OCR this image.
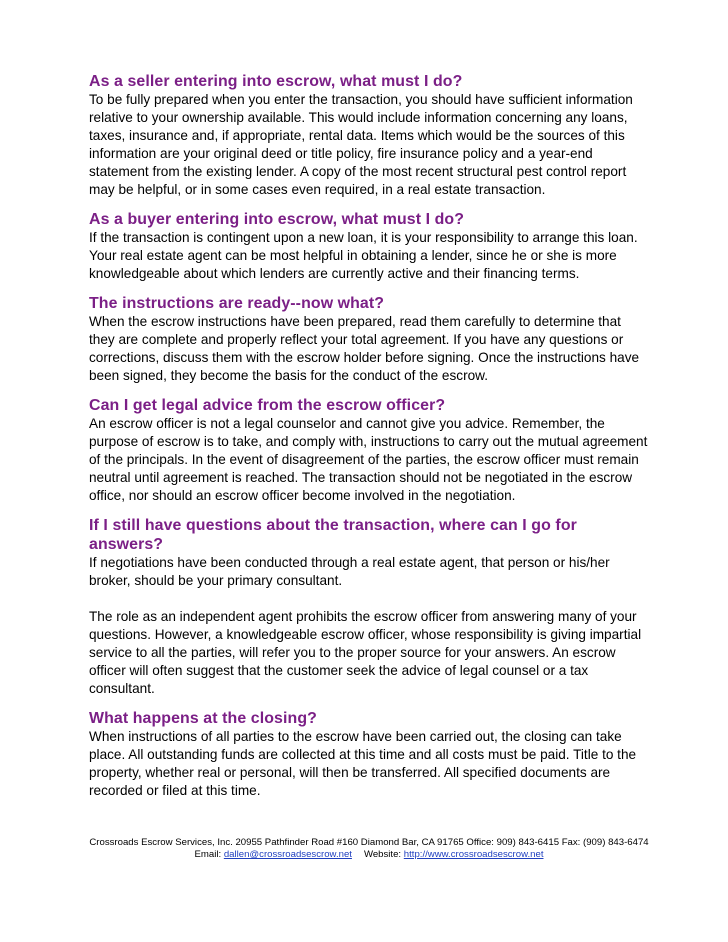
As a seller entering into escrow, what must I do?

To be fully prepared when you enter the transaction, you should have sufficient information relative to your ownership available. This would include information concerning any loans, taxes, insurance and, if appropriate, rental data. Items which would be the sources of this information are your original deed or title policy, fire insurance policy and a year-end statement from the existing lender. A copy of the most recent structural pest control report may be helpful, or in some cases even required, in a real estate transaction.

As a buyer entering into escrow, what must I do?

If the transaction is contingent upon a new loan, it is your responsibility to arrange this loan. Your real estate agent can be most helpful in obtaining a lender, since he or she is more knowledgeable about which lenders are currently active and their financing terms.

The instructions are ready--now what?

When the escrow instructions have been prepared, read them carefully to determine that they are complete and properly reflect your total agreement. If you have any questions or corrections, discuss them with the escrow holder before signing. Once the instructions have been signed, they become the basis for the conduct of the escrow.

Can I get legal advice from the escrow officer?

An escrow officer is not a legal counselor and cannot give you advice. Remember, the purpose of escrow is to take, and comply with, instructions to carry out the mutual agreement of the principals. In the event of disagreement of the parties, the escrow officer must remain neutral until agreement is reached. The transaction should not be negotiated in the escrow office, nor should an escrow officer become involved in the negotiation.

If I still have questions about the transaction, where can I go for answers?

If negotiations have been conducted through a real estate agent, that person or his/her broker, should be your primary consultant.

The role as an independent agent prohibits the escrow officer from answering many of your questions. However, a knowledgeable escrow officer, whose responsibility is giving impartial service to all the parties, will refer you to the proper source for your answers. An escrow officer will often suggest that the customer seek the advice of legal counsel or a tax consultant.

What happens at the closing?

When instructions of all parties to the escrow have been carried out, the closing can take place. All outstanding funds are collected at this time and all costs must be paid. Title to the property, whether real or personal, will then be transferred. All specified documents are recorded or filed at this time.

Crossroads Escrow Services, Inc. 20955 Pathfinder Road #160 Diamond Bar, CA 91765 Office: 909) 843-6415 Fax: (909) 843-6474
Email: dallen@crossroadsescrow.net Website: http://www.crossroadsescrow.net
